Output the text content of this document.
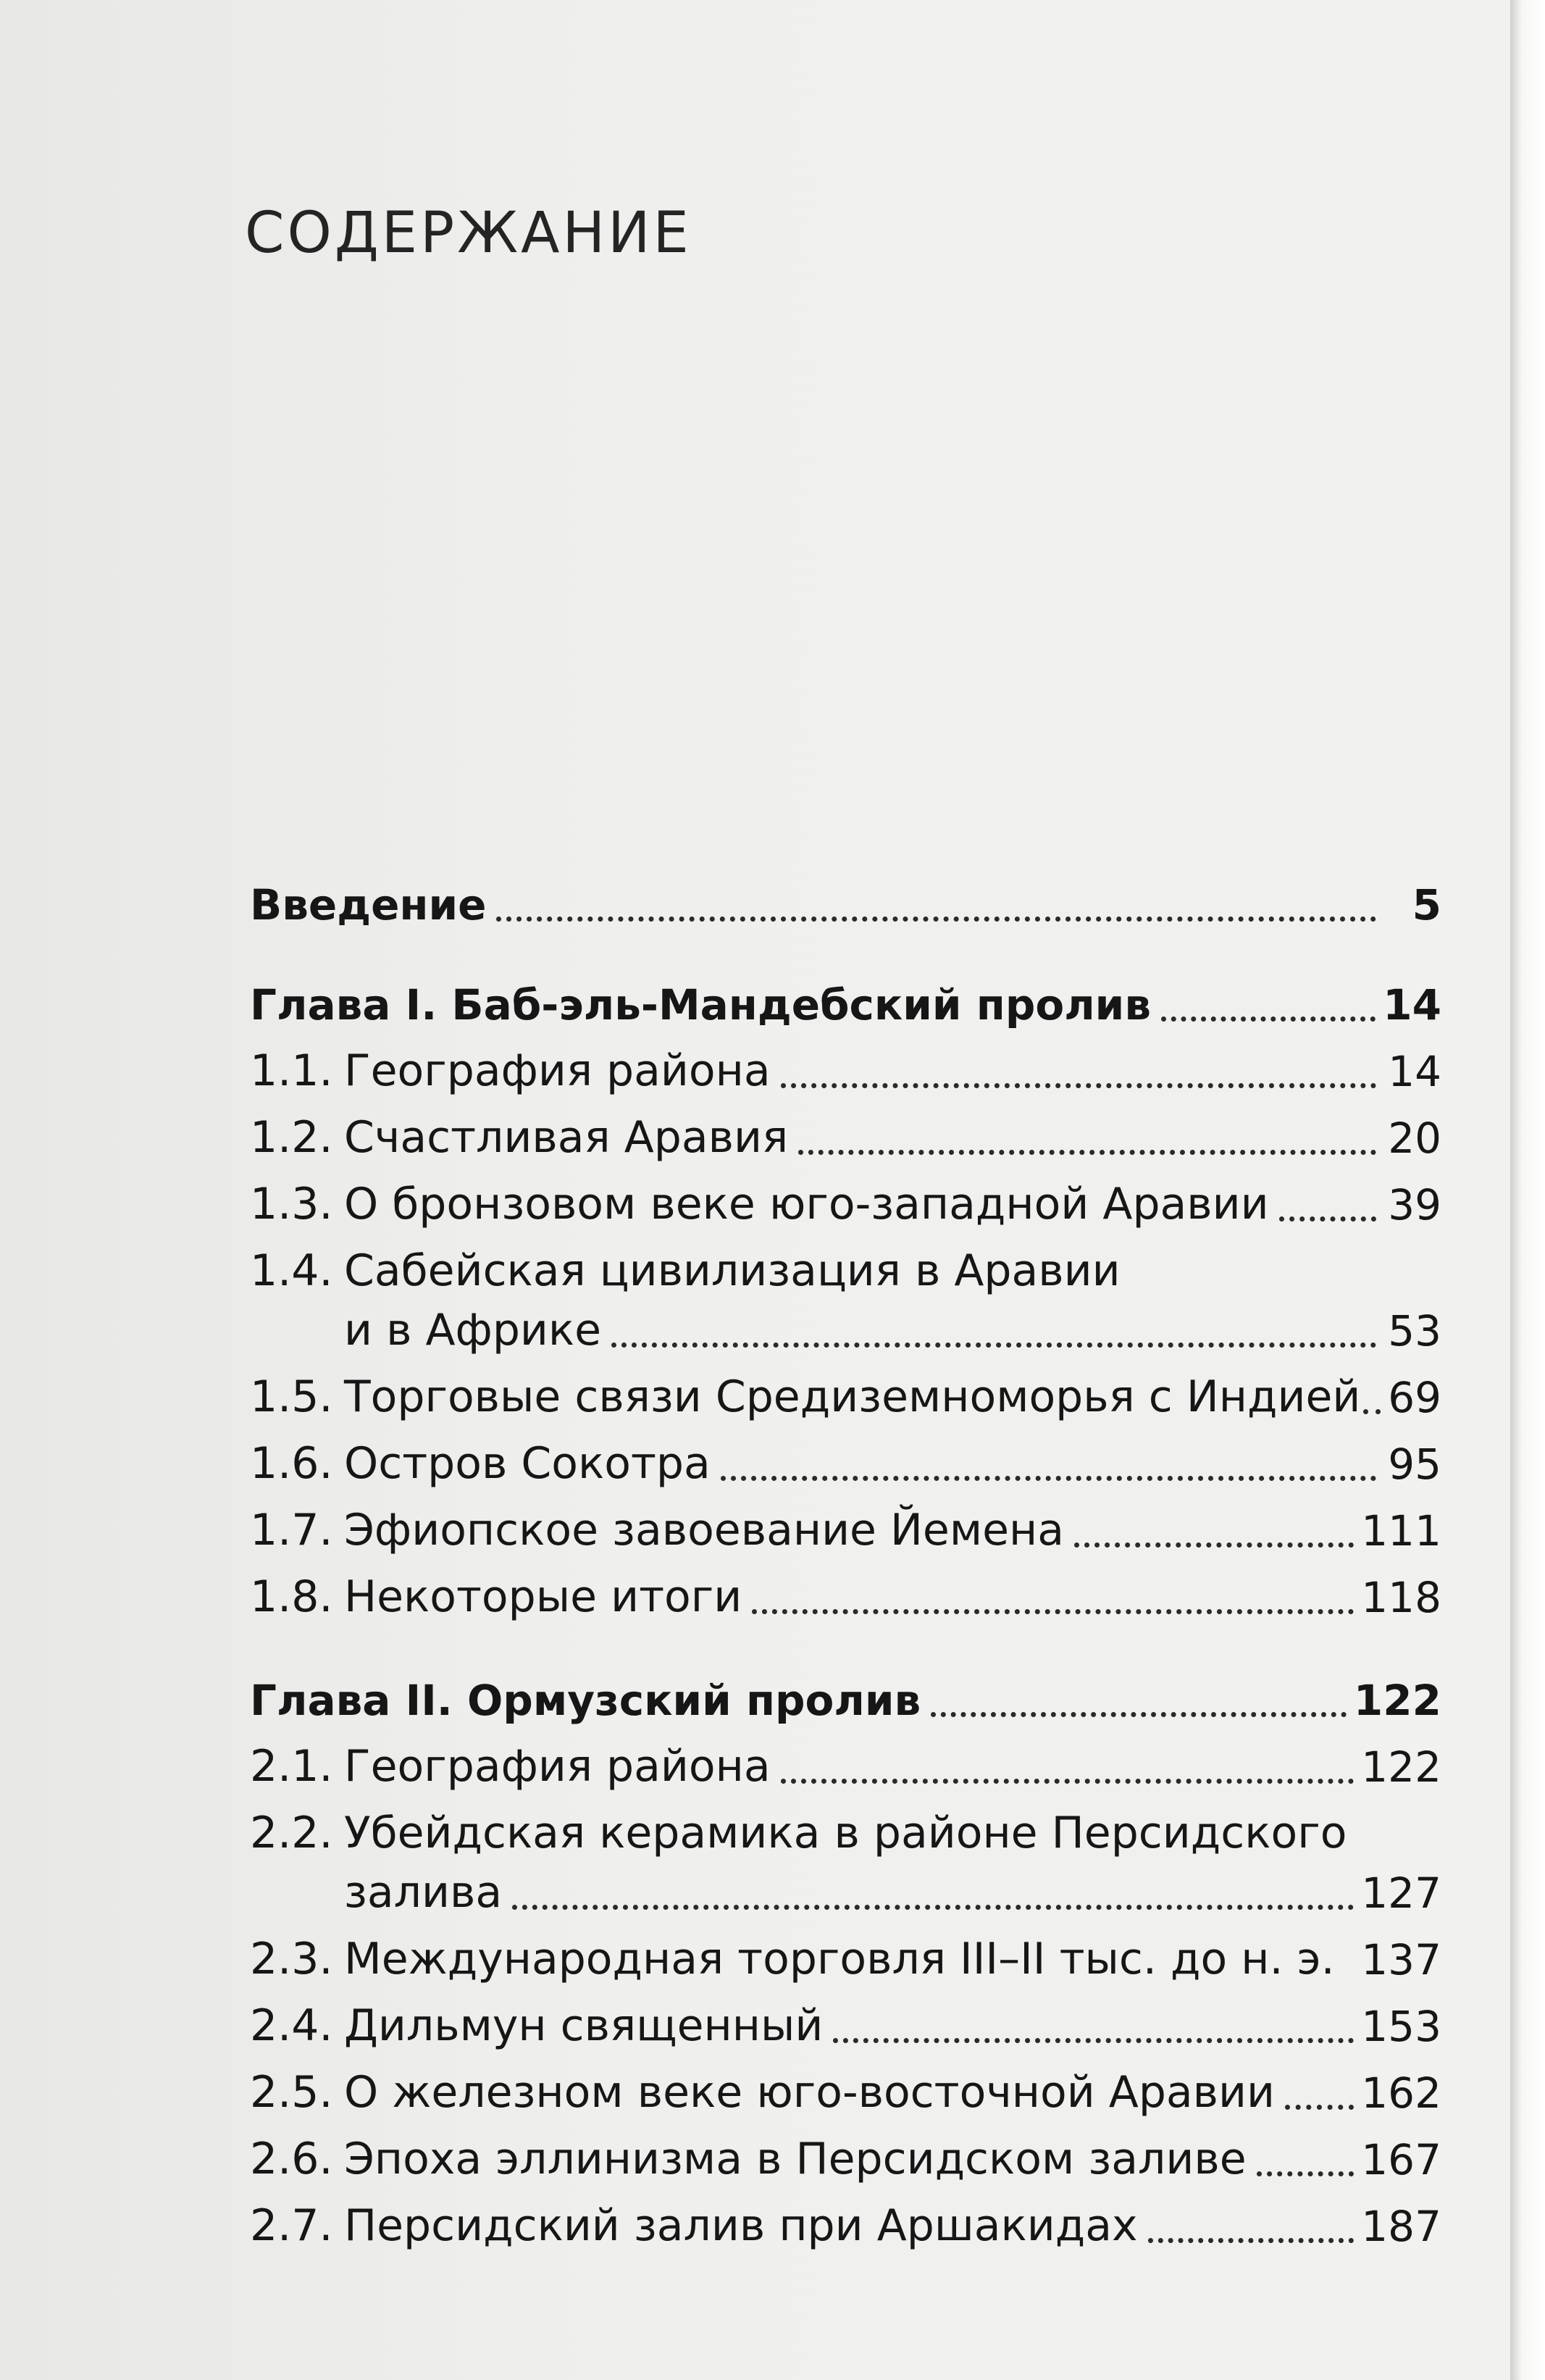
СОДЕРЖАНИЕ
Введение	5
Глава I. Баб-эль-Мандебский пролив	14
1.1. География района	14
1.2. Счастливая Аравия	20
1.3. О бронзовом веке юго-западной Аравии	39
1.4. Сабейская цивилизация в Аравии
и в Африке	53
1.5. Торговые связи Средиземноморья с Индией 69
1.6. Остров Сокотра	95
1.7. Эфиопское завоевание Йемена	111
1.8. Некоторые итоги	118
Глава II. Ормузский пролив	122
2.1. География района	122
2.2. Убейдская керамика в районе Персидского
залива	127
2.3. Международная торговля III–II тыс. до н. э. 137
2.4. Дильмун священный	153
2.5. О железном веке юго-восточной Аравии 162
2.6. Эпоха эллинизма в Персидском заливе	167
2.7. Персидский залив при Аршакидах	187
